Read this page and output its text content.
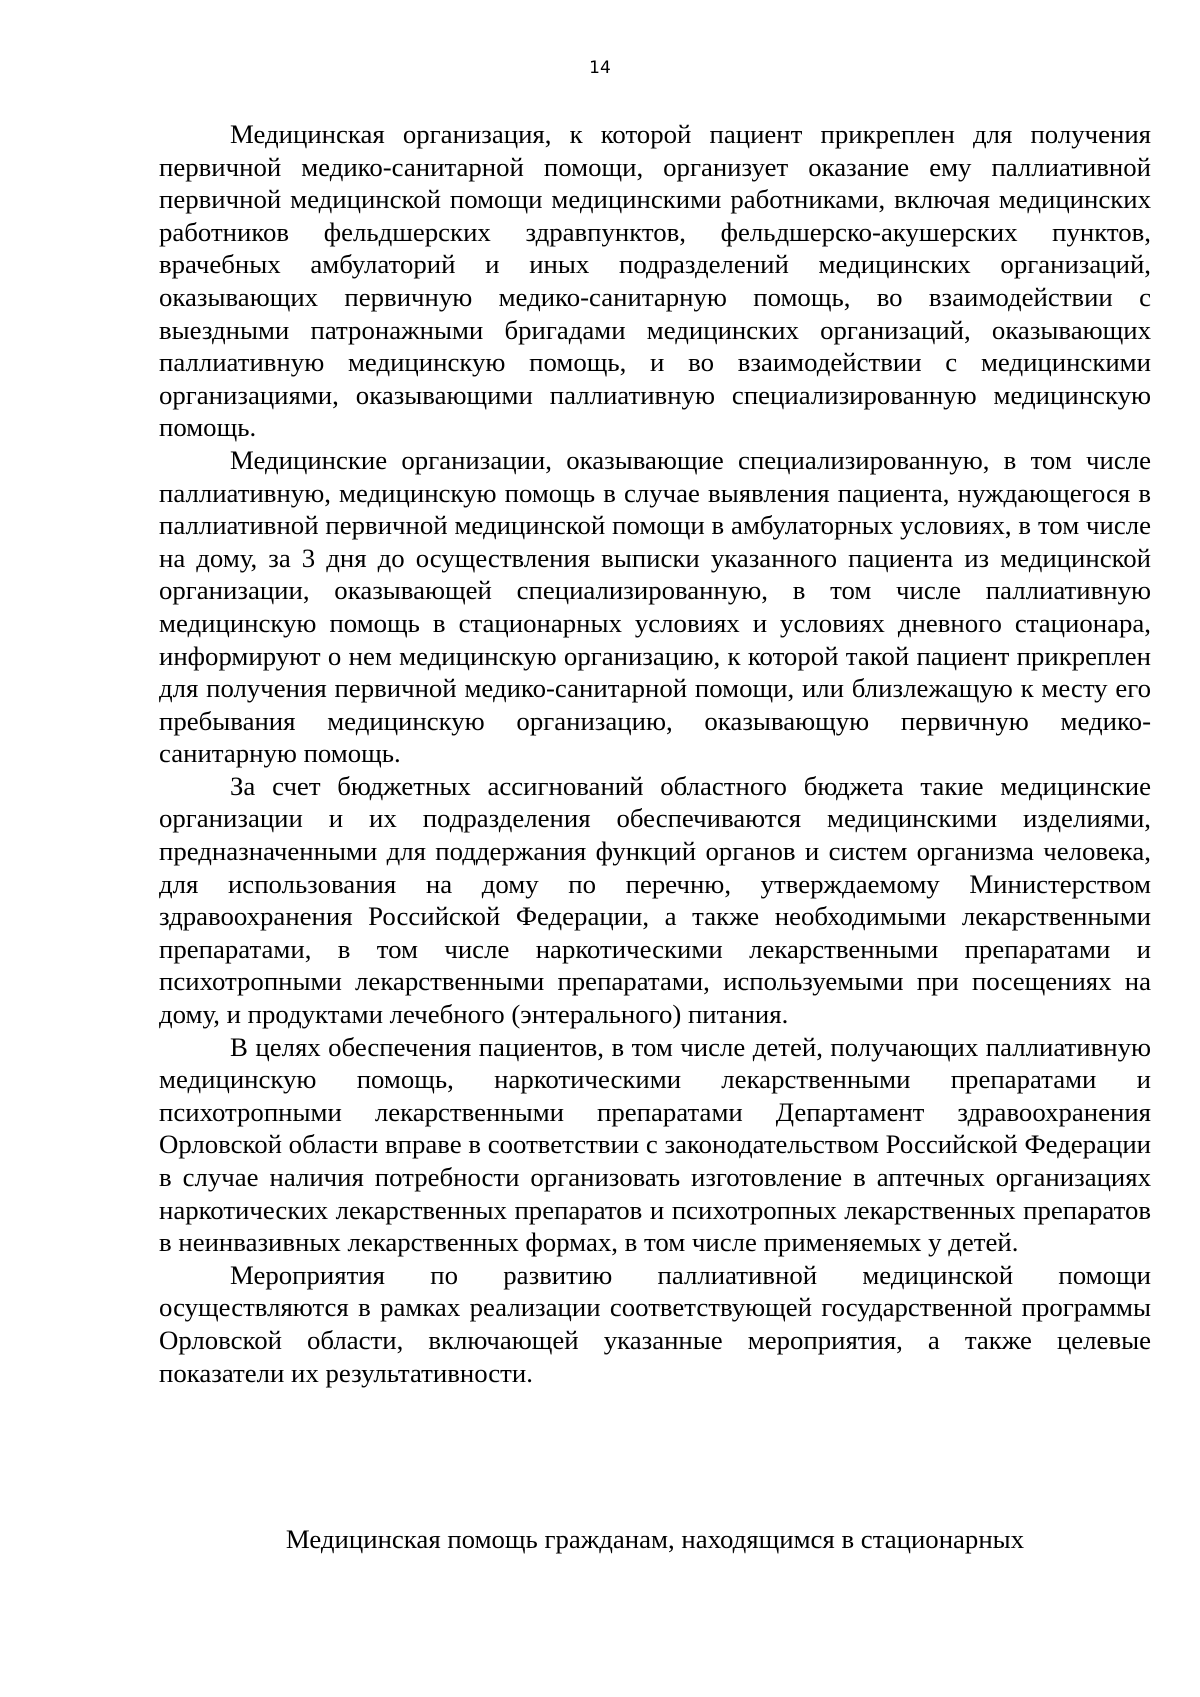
14

Медицинская организация, к которой пациент прикреплен для получения первичной медико-санитарной помощи, организует оказание ему паллиативной первичной медицинской помощи медицинскими работниками, включая медицинских работников фельдшерских здравпунктов, фельдшерско-акушерских пунктов, врачебных амбулаторий и иных подразделений медицинских организаций, оказывающих первичную медико-санитарную помощь, во взаимодействии с выездными патронажными бригадами медицинских организаций, оказывающих паллиативную медицинскую помощь, и во взаимодействии с медицинскими организациями, оказывающими паллиативную специализированную медицинскую помощь.

Медицинские организации, оказывающие специализированную, в том числе паллиативную, медицинскую помощь в случае выявления пациента, нуждающегося в паллиативной первичной медицинской помощи в амбулаторных условиях, в том числе на дому, за 3 дня до осуществления выписки указанного пациента из медицинской организации, оказывающей специализированную, в том числе паллиативную медицинскую помощь в стационарных условиях и условиях дневного стационара, информируют о нем медицинскую организацию, к которой такой пациент прикреплен для получения первичной медико-санитарной помощи, или близлежащую к месту его пребывания медицинскую организацию, оказывающую первичную медико-санитарную помощь.

За счет бюджетных ассигнований областного бюджета такие медицинские организации и их подразделения обеспечиваются медицинскими изделиями, предназначенными для поддержания функций органов и систем организма человека, для использования на дому по перечню, утверждаемому Министерством здравоохранения Российской Федерации, а также необходимыми лекарственными препаратами, в том числе наркотическими лекарственными препаратами и психотропными лекарственными препаратами, используемыми при посещениях на дому, и продуктами лечебного (энтерального) питания.

В целях обеспечения пациентов, в том числе детей, получающих паллиативную медицинскую помощь, наркотическими лекарственными препаратами и психотропными лекарственными препаратами Департамент здравоохранения Орловской области вправе в соответствии с законодательством Российской Федерации в случае наличия потребности организовать изготовление в аптечных организациях наркотических лекарственных препаратов и психотропных лекарственных препаратов в неинвазивных лекарственных формах, в том числе применяемых у детей.

Мероприятия по развитию паллиативной медицинской помощи осуществляются в рамках реализации соответствующей государственной программы Орловской области, включающей указанные мероприятия, а также целевые показатели их результативности.

Медицинская помощь гражданам, находящимся в стационарных
